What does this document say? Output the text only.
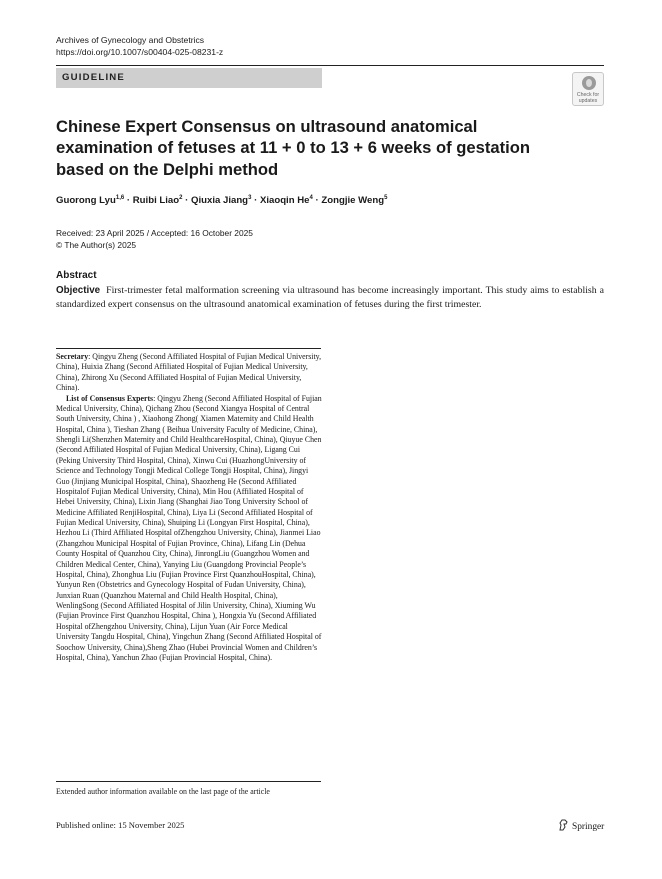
Archives of Gynecology and Obstetrics
https://doi.org/10.1007/s00404-025-08231-z
GUIDELINE
Check for
updates
Chinese Expert Consensus on ultrasound anatomical examination of fetuses at 11 + 0 to 13 + 6 weeks of gestation based on the Delphi method
Guorong Lyu$^{1,6}$ · Ruibi Liao$^2$ · Qiuxia Jiang$^3$ · Xiaoqin $He^4$ · Zongjie Weng$^5$
Received: 23 April 2025 / Accepted: 16 October 2025
© The Author(s) 2025
Abstract
Objective First-trimester fetal malformation screening via ultrasound has become increasingly important. This study aims to establish a standardized expert consensus on the ultrasound anatomical examination of fetuses during the first trimester.

Secretary: Qingyu Zheng (Second Affiliated Hospital of Fujian Medical University, China), Huixia Zhang (Second Affiliated Hospital of Fujian Medical University, China), Zhirong Xu (Second Affiliated Hospital of Fujian Medical University, China).

List of Consensus Experts: Qingyu Zheng (Second Affiliated Hospital of Fujian Medical University, China), Qichang Zhou (Second Xiangya Hospital of Central South University, China ) , Xiaohong Zhong( Xiamen Maternity and Child Health Hospital, China ), Tieshan Zhang ( Beihua University Faculty of Medicine, China), Shengli Li(Shenzhen Maternity and Child HealthcareHospital, China), Qiuyue Chen (Second Affiliated Hospital of Fujian Medical University, China), Ligang Cui (Peking University Third Hospital, China), Xinwu Cui (HuazhongUniversity of Science and Technology Tongji Medical College Tongji Hospital, China), Jingyi Guo (Jinjiang Municipal Hospital, China), Shaozheng He (Second Affiliated Hospitalof Fujian Medical University, China), Min Hou (Affiliated Hospital of Hebei University, China), Lixin Jiang (Shanghai Jiao Tong University School of Medicine Affiliated RenjiHospital, China), Liya Li (Second Affiliated Hospital of Fujian Medical University, China), Shuiping Li (Longyan First Hospital, China), Hezhou Li (Third Affiliated Hospital ofZhengzhou University, China), Jianmei Liao (Zhangzhou Municipal Hospital of Fujian Province, China), Lifang Lin (Dehua County Hospital of Quanzhou City, China), JinrongLiu (Guangzhou Women and Children Medical Center, China), Yanying Liu (Guangdong Provincial People’s Hospital, China), Zhonghua Liu (Fujian Province First QuanzhouHospital, China), Yunyun Ren (Obstetrics and Gynecology Hospital of Fudan University, China), Junxian Ruan (Quanzhou Maternal and Child Health Hospital, China), WenlingSong (Second Affiliated Hospital of Jilin University, China), Xiuming Wu (Fujian Province First Quanzhou Hospital, China ), Hongxia Yu (Second Affiliated Hospital ofZhengzhou University, China), Lijun Yuan (Air Force Medical University Tangdu Hospital, China), Yingchun Zhang (Second Affiliated Hospital of Soochow University, China),Sheng Zhao (Hubei Provincial Women and Children’s Hospital, China), Yanchun Zhao (Fujian Provincial Hospital, China).

Extended author information available on the last page of the article
Published online: 15 November 2025	Springer
